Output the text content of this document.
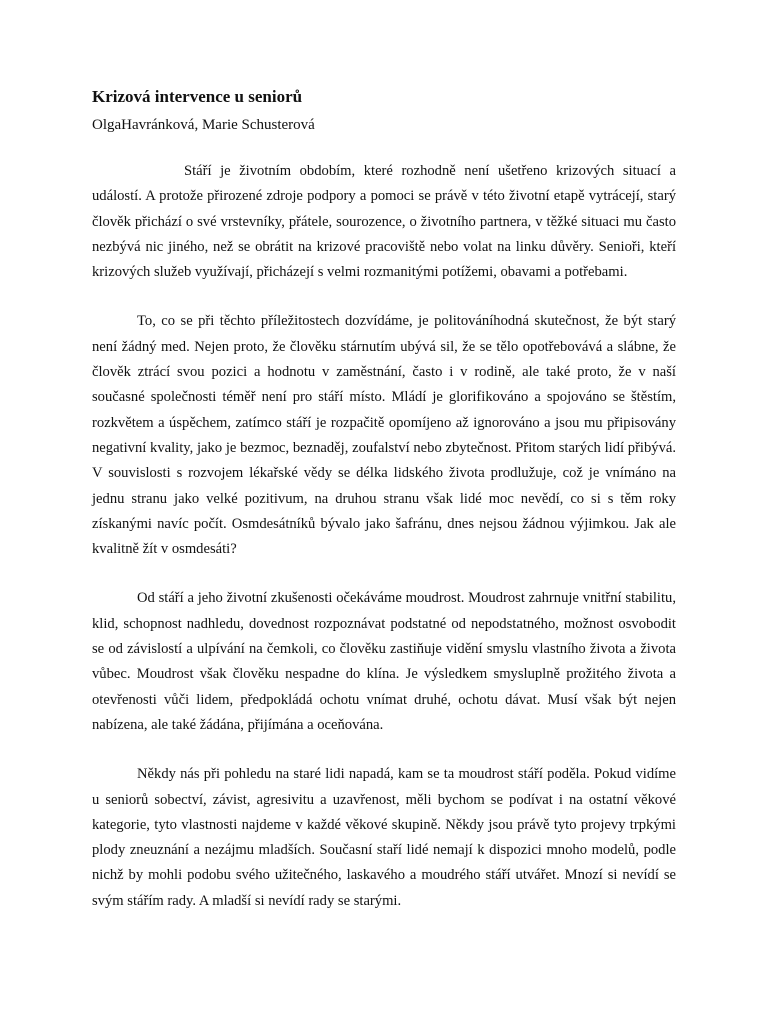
Krizová intervence u seniorů

OlgaHavránková, Marie Schusterová

Stáří je životním obdobím, které rozhodně není ušetřeno krizových situací a událostí. A protože přirozené zdroje podpory a pomoci se právě v této životní etapě vytrácejí, starý člověk přichází o své vrstevníky, přátele, sourozence, o životního partnera, v těžké situaci mu často nezbývá nic jiného, než se obrátit na krizové pracoviště nebo volat na linku důvěry. Senioři, kteří krizových služeb využívají, přicházejí s velmi rozmanitými potížemi, obavami a potřebami.

To, co se při těchto příležitostech dozvídáme, je politováníhodná skutečnost, že být starý není žádný med. Nejen proto, že člověku stárnutím ubývá sil, že se tělo opotřebovává a slábne, že člověk ztrácí svou pozici a hodnotu v zaměstnání, často i v rodině, ale také proto, že v naší současné společnosti téměř není pro stáří místo. Mládí je glorifikováno a spojováno se štěstím, rozkvětem a úspěchem, zatímco stáří je rozpačitě opomíjeno až ignorováno a jsou mu připisovány negativní kvality, jako je bezmoc, beznaděj, zoufalství nebo zbytečnost. Přitom starých lidí přibývá. V souvislosti s rozvojem lékařské vědy se délka lidského života prodlužuje, což je vnímáno na jednu stranu jako velké pozitivum, na druhou stranu však lidé moc nevědí, co si s těm roky získanými navíc počít. Osmdesátníků bývalo jako šafránu, dnes nejsou žádnou výjimkou. Jak ale kvalitně žít v osmdesáti?

Od stáří a jeho životní zkušenosti očekáváme moudrost. Moudrost zahrnuje vnitřní stabilitu, klid, schopnost nadhledu, dovednost rozpoznávat podstatné od nepodstatného, možnost osvobodit se od závislostí a ulpívání na čemkoli, co člověku zastiňuje vidění smyslu vlastního života a života vůbec. Moudrost však člověku nespadne do klína. Je výsledkem smysluplně prožitého života a otevřenosti vůči lidem, předpokládá ochotu vnímat druhé, ochotu dávat. Musí však být nejen nabízena, ale také žádána, přijímána a oceňována.

Někdy nás při pohledu na staré lidi napadá, kam se ta moudrost stáří poděla. Pokud vidíme u seniorů sobectví, závist, agresivitu a uzavřenost, měli bychom se podívat i na ostatní věkové kategorie, tyto vlastnosti najdeme v každé věkové skupině. Někdy jsou právě tyto projevy trpkými plody zneuznání a nezájmu mladších. Současní staří lidé nemají k dispozici mnoho modelů, podle nichž by mohli podobu svého užitečného, laskavého a moudrého stáří utvářet. Mnozí si nevídí se svým stářím rady. A mladší si nevídí rady se starými.
